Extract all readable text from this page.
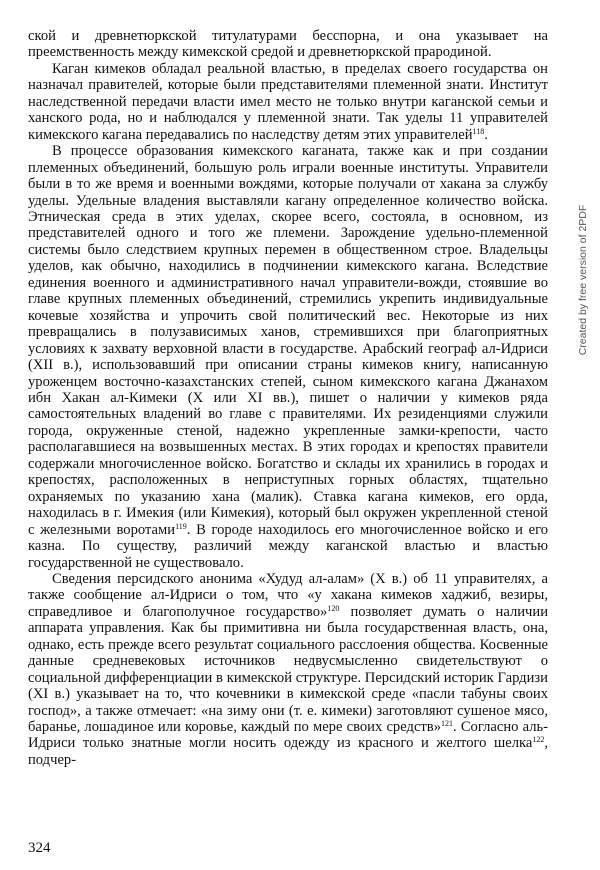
ской и древнетюркской титулатурами бесспорна, и она указывает на преемственность между кимекской средой и древнетюркской прародиной.

Каган кимеков обладал реальной властью, в пределах своего государства он назначал правителей, которые были представителями племенной знати. Институт наследственной передачи власти имел место не только внутри каганской семьи и ханского рода, но и наблюдался у племенной знати. Так уделы 11 управителей кимекского кагана передавались по наследству детям этих управителей$^{118}$.

В процессе образования кимекского каганата, также как и при создании племенных объединений, большую роль играли военные институты. Управители были в то же время и военными вождями, которые получали от хакана за службу уделы. Удельные владения выставляли кагану определенное количество войска. Этническая среда в этих уделах, скорее всего, состояла, в основном, из представителей одного и того же племени. Зарождение удельно-племенной системы было следствием крупных перемен в общественном строе. Владельцы уделов, как обычно, находились в подчинении кимекского кагана. Вследствие единения военного и административного начал управители-вожди, стоявшие во главе крупных племенных объединений, стремились укрепить индивидуальные кочевые хозяйства и упрочить свой политический вес. Некоторые из них превращались в полузависимых ханов, стремившихся при благоприятных условиях к захвату верховной власти в государстве. Арабский географ ал-Идриси (XII в.), использовавший при описании страны кимеков книгу, написанную уроженцем восточно-казахстанских степей, сыном кимекского кагана Джанахом ибн Хакан ал-Кимеки (X или XI вв.), пишет о наличии у кимеков ряда самостоятельных владений во главе с правителями. Их резиденциями служили города, окруженные стеной, надежно укрепленные замки-крепости, часто располагавшиеся на возвышенных местах. В этих городах и крепостях правители содержали многочисленное войско. Богатство и склады их хранились в городах и крепостях, расположенных в неприступных горных областях, тщательно охраняемых по указанию хана (малик). Ставка кагана кимеков, его орда, находилась в г. Имекия (или Кимекия), который был окружен укрепленной стеной с железными воротами$^{119}$. В городе находилось его многочисленное войско и его казна. По существу, различий между каганской властью и властью государственной не существовало.

Сведения персидского анонима «Худуд ал-алам» (X в.) об 11 управителях, а также сообщение ал-Идриси о том, что «у хакана кимеков хаджиб, везиры, справедливое и благополучное государство»$^{120}$ позволяет думать о наличии аппарата управления. Как бы примитивна ни была государственная власть, она, однако, есть прежде всего результат социального расслоения общества. Косвенные данные средневековых источников недвусмысленно свидетельствуют о социальной дифференциации в кимекской структуре. Персидский историк Гардизи (XI в.) указывает на то, что кочевники в кимекской среде «пасли табуны своих господ», а также отмечает: «на зиму они (т. е. кимеки) заготовляют сушеное мясо, баранье, лошадиное или коровье, каждый по мере своих средств»$^{121}$. Согласно аль-Идриси только знатные могли носить одежду из красного и желтого шелка$^{122}$, подчер-

324
Created by free version of 2PDF
